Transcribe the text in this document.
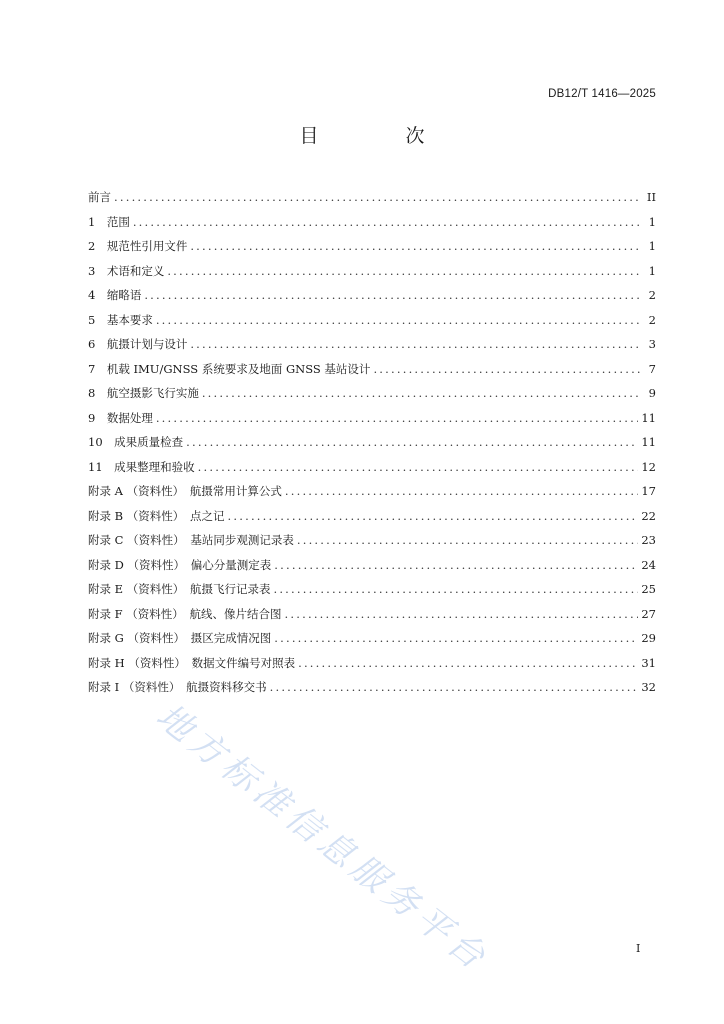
DB12/T 1416—2025
目　次
前言 .....	II
1　范围 .....	1
2　规范性引用文件 .....	1
3　术语和定义 .....	1
4　缩略语 .....	2
5　基本要求 .....	2
6　航摄计划与设计 .....	3
7　机载 IMU/GNSS 系统要求及地面 GNSS 基站设计 .....	7
8　航空摄影飞行实施 .....	9
9　数据处理 .....	11
10　成果质量检查 .....	11
11　成果整理和验收 .....	12
附录 A （资料性）　航摄常用计算公式 .....	17
附录 B （资料性）　点之记 .....	22
附录 C （资料性）　基站同步观测记录表 .....	23
附录 D （资料性）　偏心分量测定表 .....	24
附录 E （资料性）　航摄飞行记录表 .....	25
附录 F （资料性）　航线、像片结合图 .....	27
附录 G （资料性）　摄区完成情况图 .....	29
附录 H （资料性）　数据文件编号对照表 .....	31
附录 I （资料性）　航摄资料移交书 .....	32
地方标准信息服务平台	I
